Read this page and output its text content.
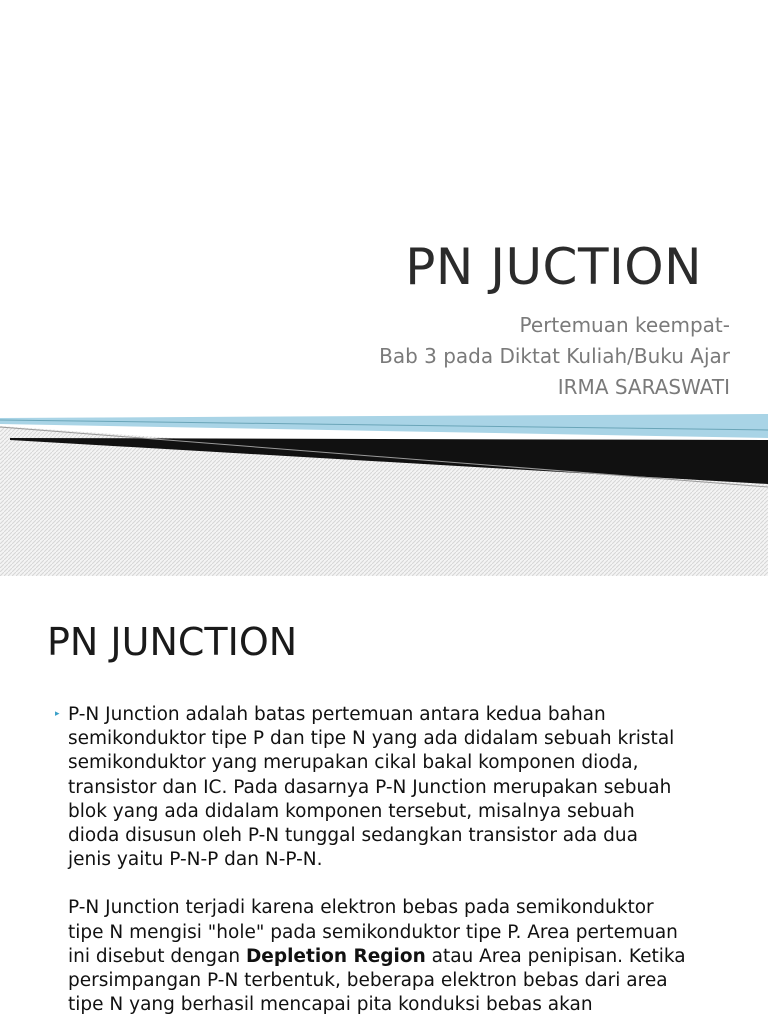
PN JUCTION
Pertemuan keempat-
Bab 3 pada Diktat Kuliah/Buku Ajar
IRMA SARASWATI
PN JUNCTION
▸ P-N Junction adalah batas pertemuan antara kedua bahan
semikonduktor tipe P dan tipe N yang ada didalam sebuah kristal
semikonduktor yang merupakan cikal bakal komponen dioda,
transistor dan IC. Pada dasarnya P-N Junction merupakan sebuah
blok yang ada didalam komponen tersebut, misalnya sebuah
dioda disusun oleh P-N tunggal sedangkan transistor ada dua
jenis yaitu P-N-P dan N-P-N.

P-N Junction terjadi karena elektron bebas pada semikonduktor
tipe N mengisi "hole" pada semikonduktor tipe P. Area pertemuan
ini disebut dengan Depletion Region atau Area penipisan. Ketika
persimpangan P-N terbentuk, beberapa elektron bebas dari area
tipe N yang berhasil mencapai pita konduksi bebas akan
